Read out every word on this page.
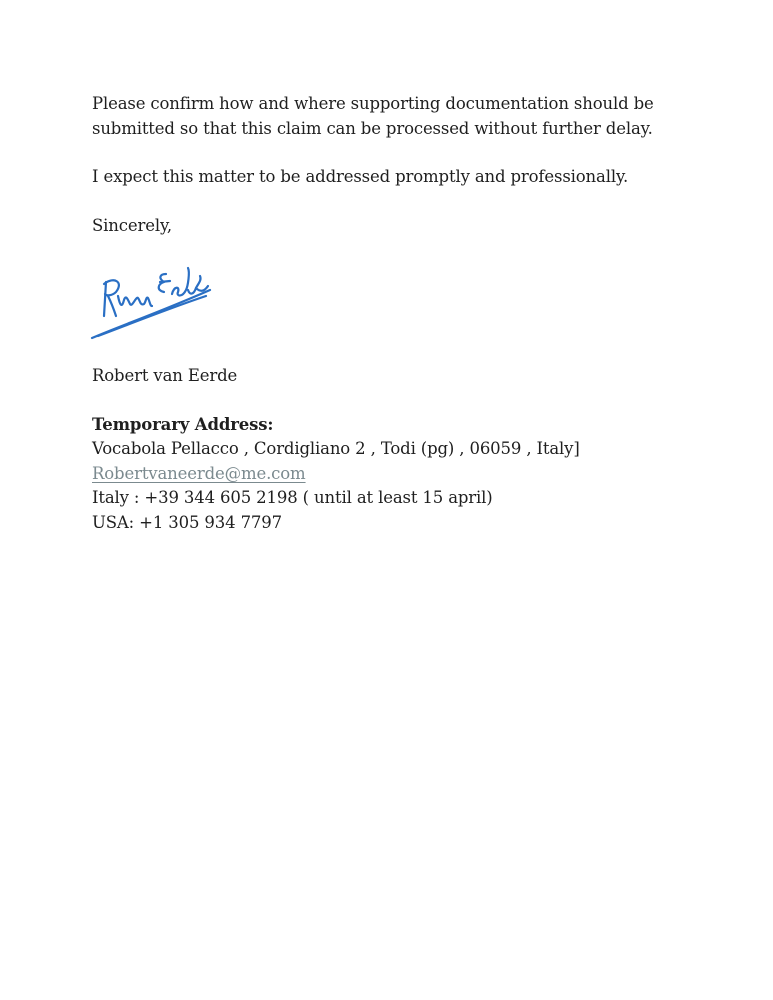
Please confirm how and where supporting documentation should be
submitted so that this claim can be processed without further delay.

I expect this matter to be addressed promptly and professionally.

Sincerely,

Robert van Eerde

Temporary Address:
Vocabola Pellacco , Cordigliano 2 , Todi (pg) , 06059 , Italy]
Robertvaneerde@me.com
Italy : +39 344 605 2198 ( until at least 15 april)
USA: +1 305 934 7797
